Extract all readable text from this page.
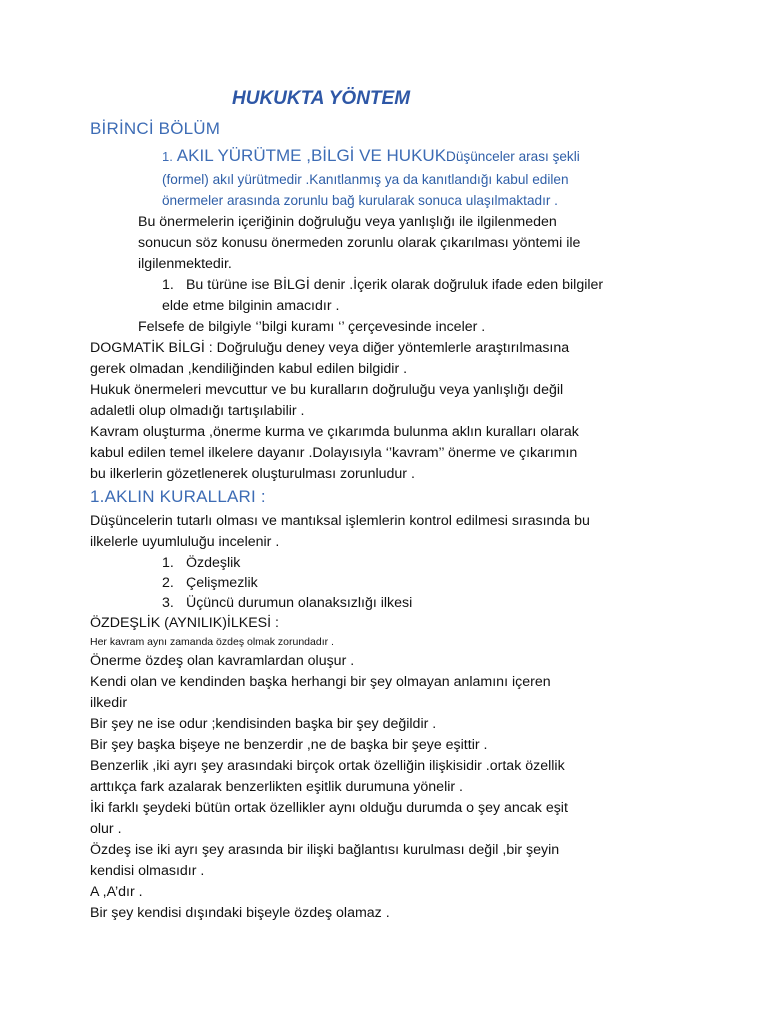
HUKUKTA YÖNTEM
BİRİNCİ BÖLÜM
1. AKIL YÜRÜTME ,BİLGİ VE HUKUKDüşünceler arası şekli
(formel) akıl yürütmedir .Kanıtlanmış ya da kanıtlandığı kabul edilen
önermeler arasında zorunlu bağ kurularak sonuca ulaşılmaktadır .
Bu önermelerin içeriğinin doğruluğu veya yanlışlığı ile ilgilenmeden
sonucun söz konusu önermeden zorunlu olarak çıkarılması yöntemi ile
ilgilenmektedir.
1. Bu türüne ise BİLGİ denir .İçerik olarak doğruluk ifade eden bilgiler
elde etme bilginin amacıdır .
Felsefe de bilgiyle ‘’bilgi kuramı ‘’ çerçevesinde inceler .
DOGMATİK BİLGİ : Doğruluğu deney veya diğer yöntemlerle araştırılmasına
gerek olmadan ,kendiliğinden kabul edilen bilgidir .
Hukuk önermeleri mevcuttur ve bu kuralların doğruluğu veya yanlışlığı değil
adaletli olup olmadığı tartışılabilir .
Kavram oluşturma ,önerme kurma ve çıkarımda bulunma aklın kuralları olarak
kabul edilen temel ilkelere dayanır .Dolayısıyla ‘’kavram’’ önerme ve çıkarımın
bu ilkerlerin gözetlenerek oluşturulması zorunludur .
1.AKLIN KURALLARI :
Düşüncelerin tutarlı olması ve mantıksal işlemlerin kontrol edilmesi sırasında bu
ilkelerle uyumluluğu incelenir .
1. Özdeşlik
2. Çelişmezlik
3. Üçüncü durumun olanaksızlığı ilkesi
ÖZDEŞLİK (AYNILIK)İLKESİ :
Her kavram aynı zamanda özdeş olmak zorundadır .
Önerme özdeş olan kavramlardan oluşur .
Kendi olan ve kendinden başka herhangi bir şey olmayan anlamını içeren
ilkedir
Bir şey ne ise odur ;kendisinden başka bir şey değildir .
Bir şey başka bişeye ne benzerdir ,ne de başka bir şeye eşittir .
Benzerlik ,iki ayrı şey arasındaki birçok ortak özelliğin ilişkisidir .ortak özellik
arttıkça fark azalarak benzerlikten eşitlik durumuna yönelir .
İki farklı şeydeki bütün ortak özellikler aynı olduğu durumda o şey ancak eşit
olur .
Özdeş ise iki ayrı şey arasında bir ilişki bağlantısı kurulması değil ,bir şeyin
kendisi olmasıdır .
A ,A’dır .
Bir şey kendisi dışındaki bişeyle özdeş olamaz .
